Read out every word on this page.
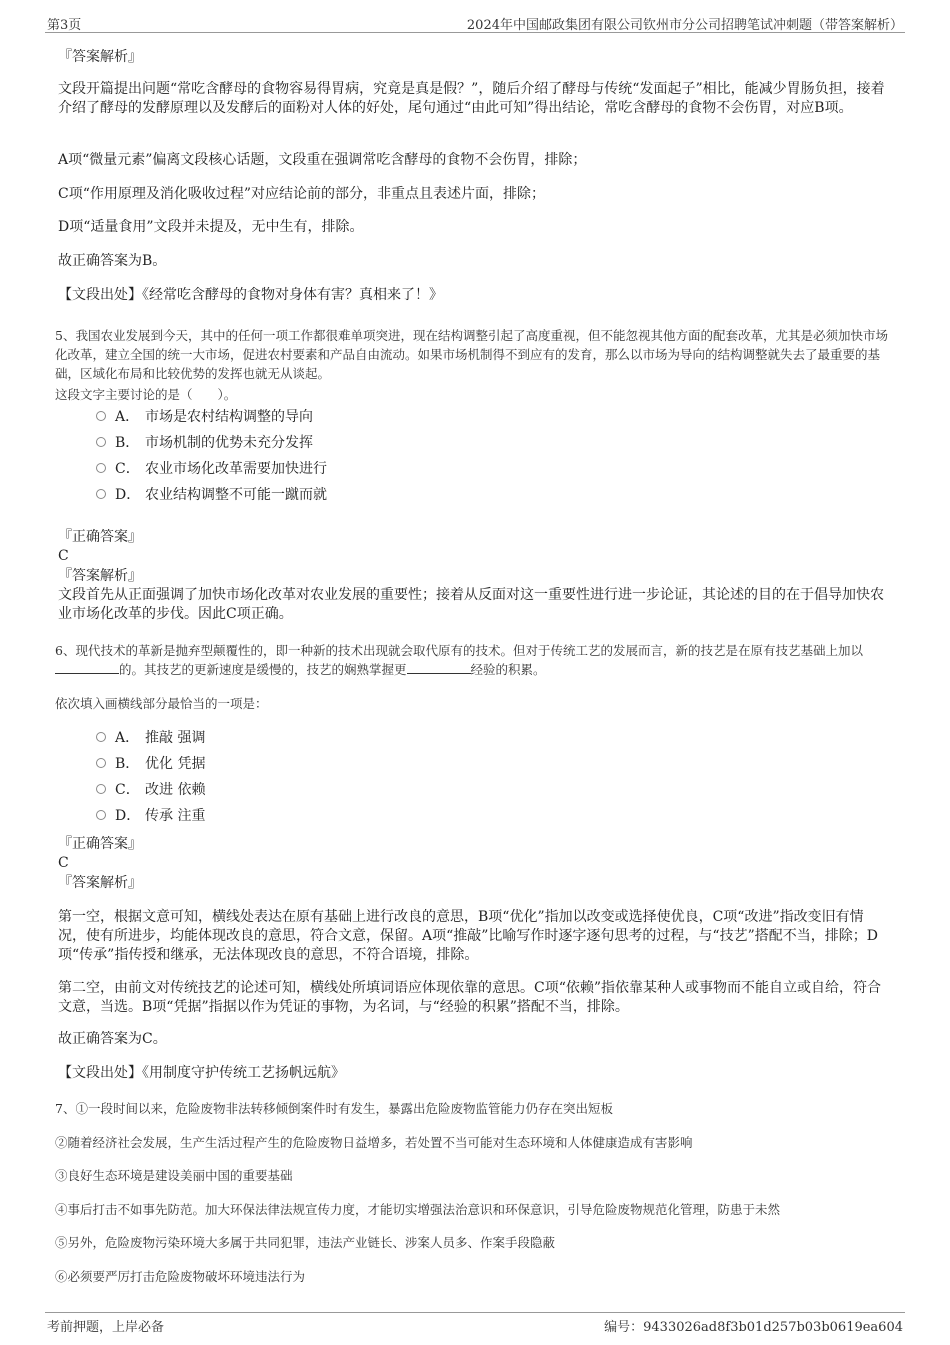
第3页	2024年中国邮政集团有限公司钦州市分公司招聘笔试冲刺题（带答案解析）
『答案解析』
文段开篇提出问题“常吃含酵母的食物容易得胃病，究竟是真是假？”，随后介绍了酵母与传统“发面起子”相比，能减少胃肠负担，接着介绍了酵母的发酵原理以及发酵后的面粉对人体的好处，尾句通过“由此可知”得出结论，常吃含酵母的食物不会伤胃，对应B项。
A项“微量元素”偏离文段核心话题，文段重在强调常吃含酵母的食物不会伤胃，排除；
C项“作用原理及消化吸收过程”对应结论前的部分，非重点且表述片面，排除；
D项“适量食用”文段并未提及，无中生有，排除。
故正确答案为B。
【文段出处】《经常吃含酵母的食物对身体有害？真相来了！》
5、我国农业发展到今天，其中的任何一项工作都很难单项突进，现在结构调整引起了高度重视，但不能忽视其他方面的配套改革，尤其是必须加快市场化改革，建立全国的统一大市场，促进农村要素和产品自由流动。如果市场机制得不到应有的发育，那么以市场为导向的结构调整就失去了最重要的基础，区域化布局和比较优势的发挥也就无从谈起。
这段文字主要讨论的是（　　）。
A． 市场是农村结构调整的导向
B． 市场机制的优势未充分发挥
C． 农业市场化改革需要加快进行
D． 农业结构调整不可能一蹴而就
『正确答案』
C
『答案解析』
文段首先从正面强调了加快市场化改革对农业发展的重要性；接着从反面对这一重要性进行进一步论证，其论述的目的在于倡导加快农业市场化改革的步伐。因此C项正确。
6、现代技术的革新是抛弃型颠覆性的，即一种新的技术出现就会取代原有的技术。但对于传统工艺的发展而言，新的技艺是在原有技艺基础上加以的。其技艺的更新速度是缓慢的，技艺的娴熟掌握更	经验的积累。
依次填入画横线部分最恰当的一项是：
A． 推敲 强调
B． 优化 凭据
C． 改进 依赖
D． 传承 注重
『正确答案』
C
『答案解析』
第一空，根据文意可知，横线处表达在原有基础上进行改良的意思，B项“优化”指加以改变或选择使优良，C项“改进”指改变旧有情况，使有所进步，均能体现改良的意思，符合文意，保留。A项“推敲”比喻写作时逐字逐句思考的过程，与“技艺”搭配不当，排除；D项“传承”指传授和继承，无法体现改良的意思，不符合语境，排除。
第二空，由前文对传统技艺的论述可知，横线处所填词语应体现依靠的意思。C项“依赖”指依靠某种人或事物而不能自立或自给，符合文意，当选。B项“凭据”指据以作为凭证的事物，为名词，与“经验的积累”搭配不当，排除。
故正确答案为C。
【文段出处】《用制度守护传统工艺扬帆远航》
7、①一段时间以来，危险废物非法转移倾倒案件时有发生，暴露出危险废物监管能力仍存在突出短板
②随着经济社会发展，生产生活过程产生的危险废物日益增多，若处置不当可能对生态环境和人体健康造成有害影响
③良好生态环境是建设美丽中国的重要基础
④事后打击不如事先防范。加大环保法律法规宣传力度，才能切实增强法治意识和环保意识，引导危险废物规范化管理，防患于未然
⑤另外，危险废物污染环境大多属于共同犯罪，违法产业链长、涉案人员多、作案手段隐蔽
⑥必须要严厉打击危险废物破坏环境违法行为
考前押题，上岸必备	编号：9433026ad8f3b01d257b03b0619ea604
